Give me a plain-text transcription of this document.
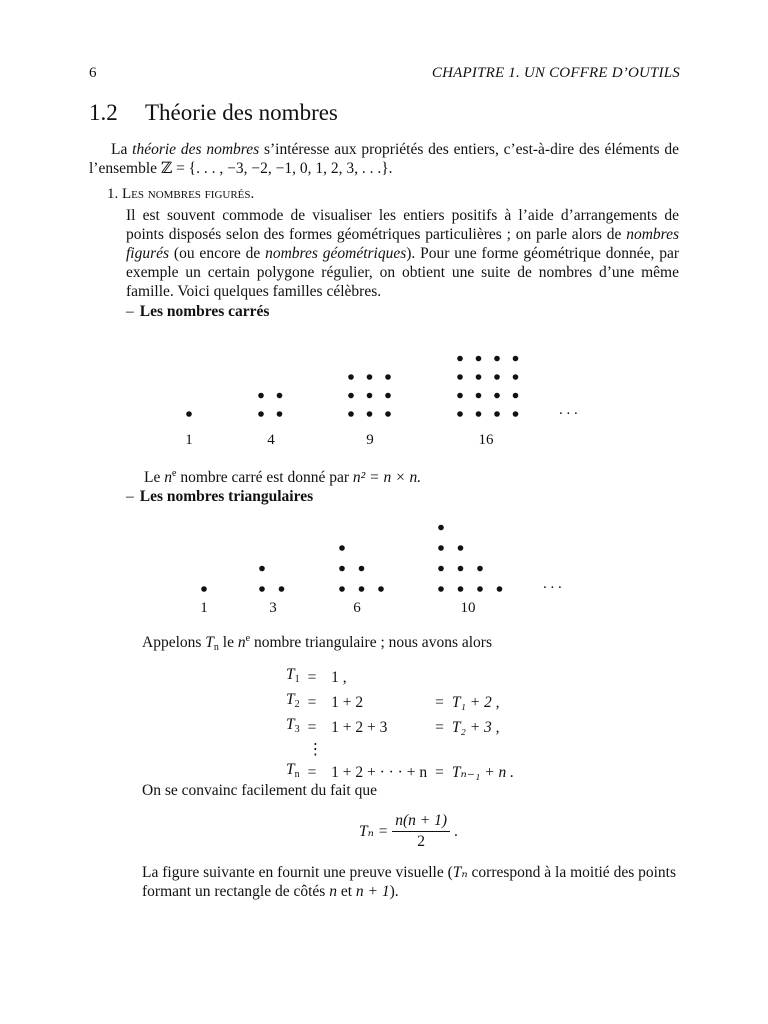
6	CHAPITRE 1. UN COFFRE D’OUTILS
1.2 Théorie des nombres
La théorie des nombres s’intéresse aux propriétés des entiers, c’est-à-dire des éléments de l’ensemble ℤ = {. . . , −3, −2, −1, 0, 1, 2, 3, . . .}.
1. Les nombres figurés.
Il est souvent commode de visualiser les entiers positifs à l’aide d’arrangements de points disposés selon des formes géométriques particulières ; on parle alors de nombres figurés (ou encore de nombres géométriques). Pour une forme géométrique donnée, par exemple un certain polygone régulier, on obtient une suite de nombres d’une même famille. Voici quelques familles célèbres.
– Les nombres carrés
1	4	9	16
. . .
Le $n^e$ nombre carré est donné par n² = n × n.
– Les nombres triangulaires
1	3	6	10
. . .
Appelons $T_n$ le $n^e$ nombre triangulaire ; nous avons alors
$T_1$	=	1 ,		
$T_2$	=	1 + 2	=	T₁ + 2 ,
$T_3$	=	1 + 2 + 3	=	T₂ + 3 ,
	⋮			
$T_n$	=	1 + 2 + · · · + n	=	Tₙ₋₁ + n .
On se convainc facilement du fait que
$T_n = \frac{n(n + 1)}{2}$ .
La figure suivante en fournit une preuve visuelle (Tₙ correspond à la moitié des points formant un rectangle de côtés n et n + 1).
